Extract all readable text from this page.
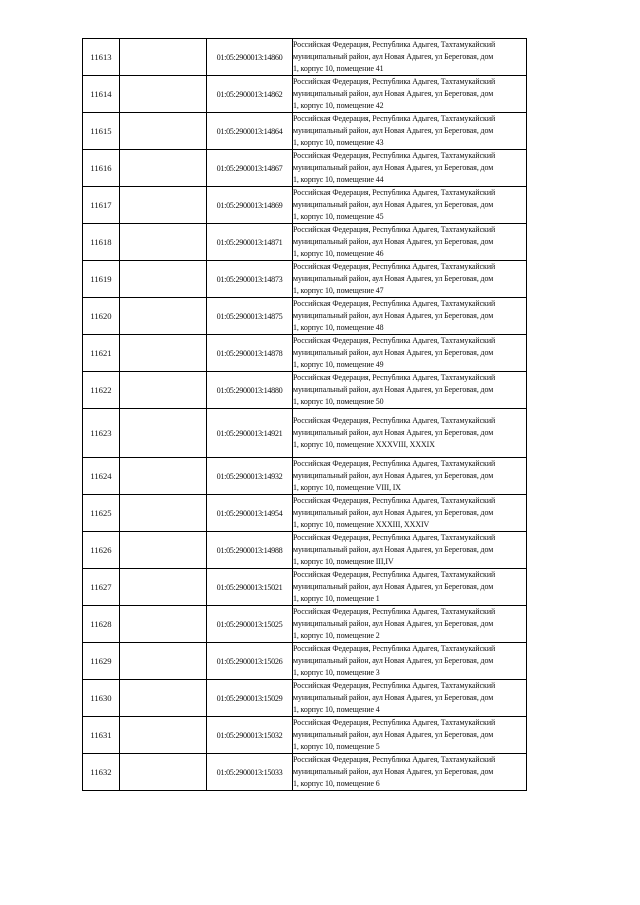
11613		01:05:2900013:14860	Российская Федерация, Республика Адыгея, Тахтамукайский
муниципальный район, аул Новая Адыгея, ул Береговая, дом
1, корпус 10, помещение 41

11614		01:05:2900013:14862	Российская Федерация, Республика Адыгея, Тахтамукайский
муниципальный район, аул Новая Адыгея, ул Береговая, дом
1, корпус 10, помещение 42

11615		01:05:2900013:14864	Российская Федерация, Республика Адыгея, Тахтамукайский
муниципальный район, аул Новая Адыгея, ул Береговая, дом
1, корпус 10, помещение 43

11616		01:05:2900013:14867	Российская Федерация, Республика Адыгея, Тахтамукайский
муниципальный район, аул Новая Адыгея, ул Береговая, дом
1, корпус 10, помещение 44

11617		01:05:2900013:14869	Российская Федерация, Республика Адыгея, Тахтамукайский
муниципальный район, аул Новая Адыгея, ул Береговая, дом
1, корпус 10, помещение 45

11618		01:05:2900013:14871	Российская Федерация, Республика Адыгея, Тахтамукайский
муниципальный район, аул Новая Адыгея, ул Береговая, дом
1, корпус 10, помещение 46

11619		01:05:2900013:14873	Российская Федерация, Республика Адыгея, Тахтамукайский
муниципальный район, аул Новая Адыгея, ул Береговая, дом
1, корпус 10, помещение 47

11620		01:05:2900013:14875	Российская Федерация, Республика Адыгея, Тахтамукайский
муниципальный район, аул Новая Адыгея, ул Береговая, дом
1, корпус 10, помещение 48

11621		01:05:2900013:14878	Российская Федерация, Республика Адыгея, Тахтамукайский
муниципальный район, аул Новая Адыгея, ул Береговая, дом
1, корпус 10, помещение 49

11622		01:05:2900013:14880	Российская Федерация, Республика Адыгея, Тахтамукайский
муниципальный район, аул Новая Адыгея, ул Береговая, дом
1, корпус 10, помещение 50

11623		01:05:2900013:14921	Российская Федерация, Республика Адыгея, Тахтамукайский
муниципальный район, аул Новая Адыгея, ул Береговая, дом
1, корпус 10, помещение XXXVIII, XXXIX

11624		01:05:2900013:14932	Российская Федерация, Республика Адыгея, Тахтамукайский
муниципальный район, аул Новая Адыгея, ул Береговая, дом
1, корпус 10, помещение VIII, IX

11625		01:05:2900013:14954	Российская Федерация, Республика Адыгея, Тахтамукайский
муниципальный район, аул Новая Адыгея, ул Береговая, дом
1, корпус 10, помещение XXXIII, XXXIV

11626		01:05:2900013:14988	Российская Федерация, Республика Адыгея, Тахтамукайский
муниципальный район, аул Новая Адыгея, ул Береговая, дом
1, корпус 10, помещение III,IV

11627		01:05:2900013:15021	Российская Федерация, Республика Адыгея, Тахтамукайский
муниципальный район, аул Новая Адыгея, ул Береговая, дом
1, корпус 10, помещение 1

11628		01:05:2900013:15025	Российская Федерация, Республика Адыгея, Тахтамукайский
муниципальный район, аул Новая Адыгея, ул Береговая, дом
1, корпус 10, помещение 2

11629		01:05:2900013:15026	Российская Федерация, Республика Адыгея, Тахтамукайский
муниципальный район, аул Новая Адыгея, ул Береговая, дом
1, корпус 10, помещение 3

11630		01:05:2900013:15029	Российская Федерация, Республика Адыгея, Тахтамукайский
муниципальный район, аул Новая Адыгея, ул Береговая, дом
1, корпус 10, помещение 4

11631		01:05:2900013:15032	Российская Федерация, Республика Адыгея, Тахтамукайский
муниципальный район, аул Новая Адыгея, ул Береговая, дом
1, корпус 10, помещение 5

11632		01:05:2900013:15033	Российская Федерация, Республика Адыгея, Тахтамукайский
муниципальный район, аул Новая Адыгея, ул Береговая, дом
1, корпус 10, помещение 6
